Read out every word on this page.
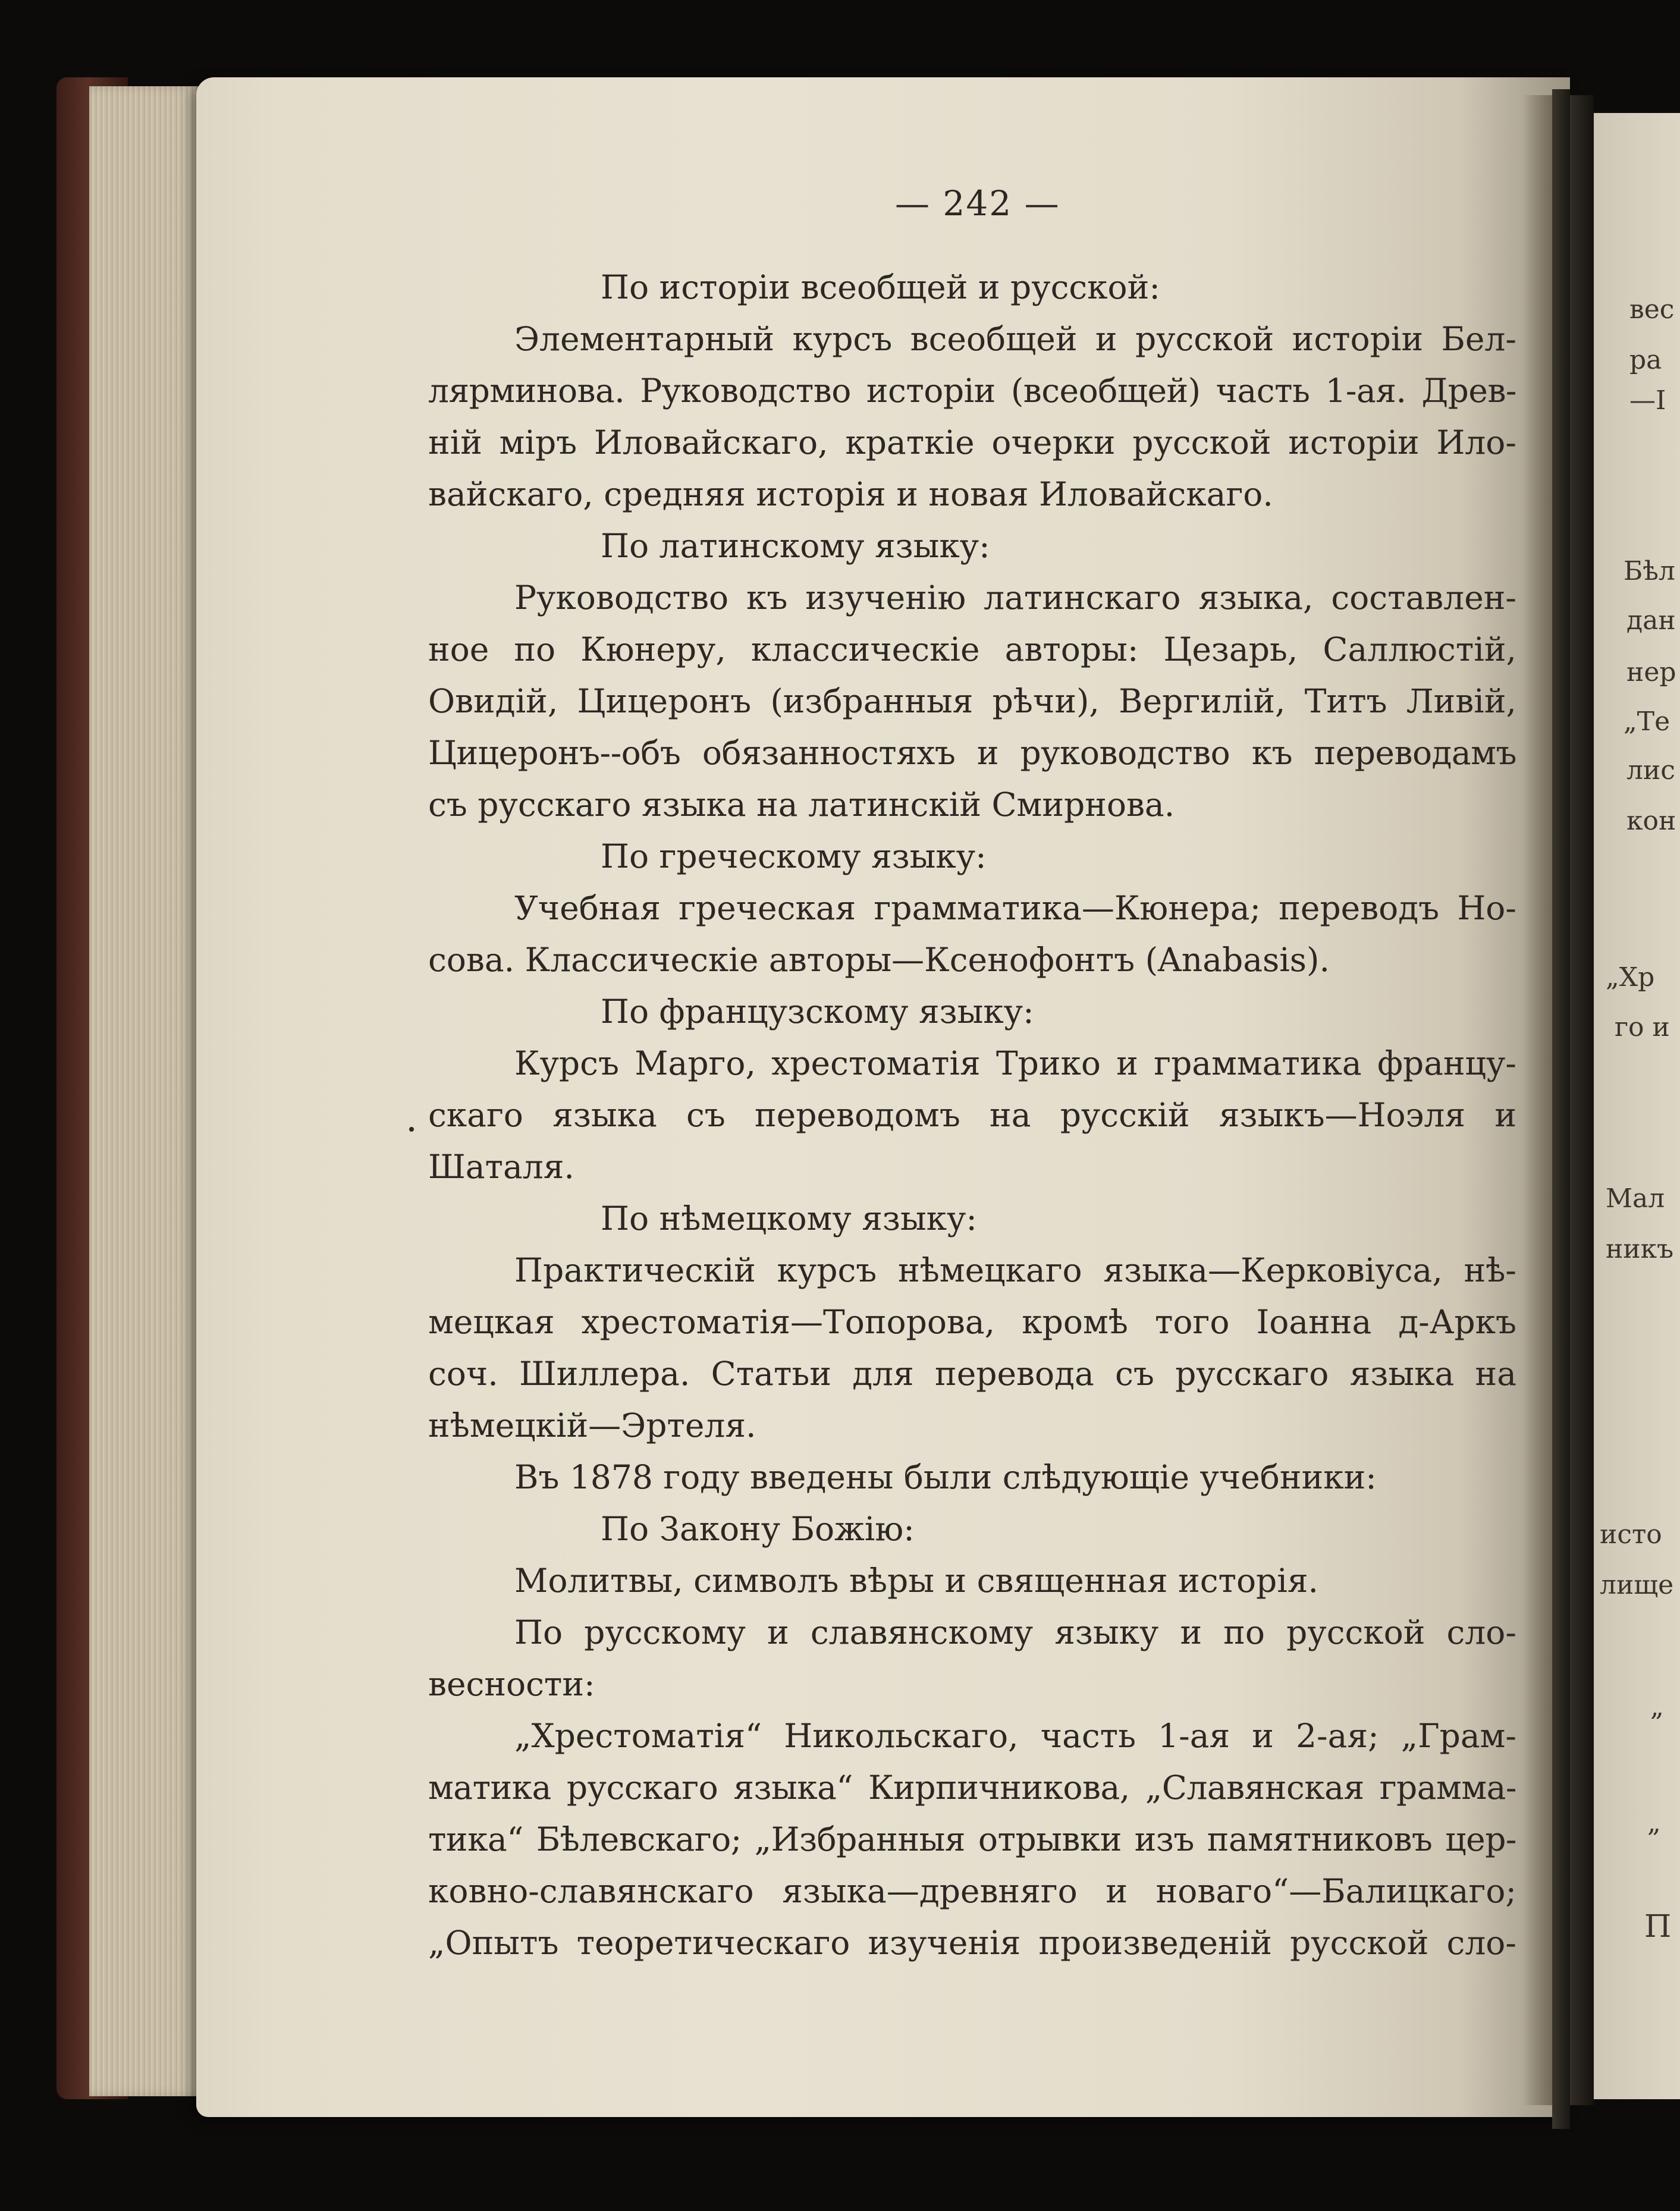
— 242 —
По исторіи всеобщей и русской:
Элементарный курсъ всеобщей и русской исторіи Бел-
лярминова. Руководство исторіи (всеобщей) часть 1-ая. Древ-
ній міръ Иловайскаго, краткіе очерки русской исторіи Ило-
вайскаго, средняя исторія и новая Иловайскаго.
По латинскому языку:
Руководство къ изученію латинскаго языка, составлен-
ное по Кюнеру, классическіе авторы: Цезарь, Саллюстій,
Овидій, Цицеронъ (избранныя рѣчи), Вергилій, Титъ Ливій,
Цицеронъ--объ обязанностяхъ и руководство къ переводамъ
съ русскаго языка на латинскій Смирнова.
По греческому языку:
Учебная греческая грамматика—Кюнера; переводъ Но-
сова. Классическіе авторы—Ксенофонтъ (Anabasis).
По французскому языку:
Курсъ Марго, хрестоматія Трико и грамматика францу-
скаго языка съ переводомъ на русскій языкъ—Ноэля и
Шаталя.
По нѣмецкому языку:
Практическій курсъ нѣмецкаго языка—Керковіуса, нѣ-
мецкая хрестоматія—Топорова, кромѣ того Іоанна д-Аркъ
соч. Шиллера. Статьи для перевода съ русскаго языка на
нѣмецкій—Эртеля.
Въ 1878 году введены были слѣдующіе учебники:
По Закону Божію:
Молитвы, символъ вѣры и священная исторія.
По русскому и славянскому языку и по русской сло-
весности:
„Хрестоматія“ Никольскаго, часть 1-ая и 2-ая; „Грам-
матика русскаго языка“ Кирпичникова, „Славянская грамма-
тика“ Бѣлевскаго; „Избранныя отрывки изъ памятниковъ цер-
ковно-славянскаго языка—древняго и новаго“—Балицкаго;
„Опытъ теоретическаго изученія произведеній русской сло-
вес
ра
—І
Бѣл
дан
нер
„Те
лис
кон
„Хр
го и
Мал
никъ
исто
лище
„
„
П
